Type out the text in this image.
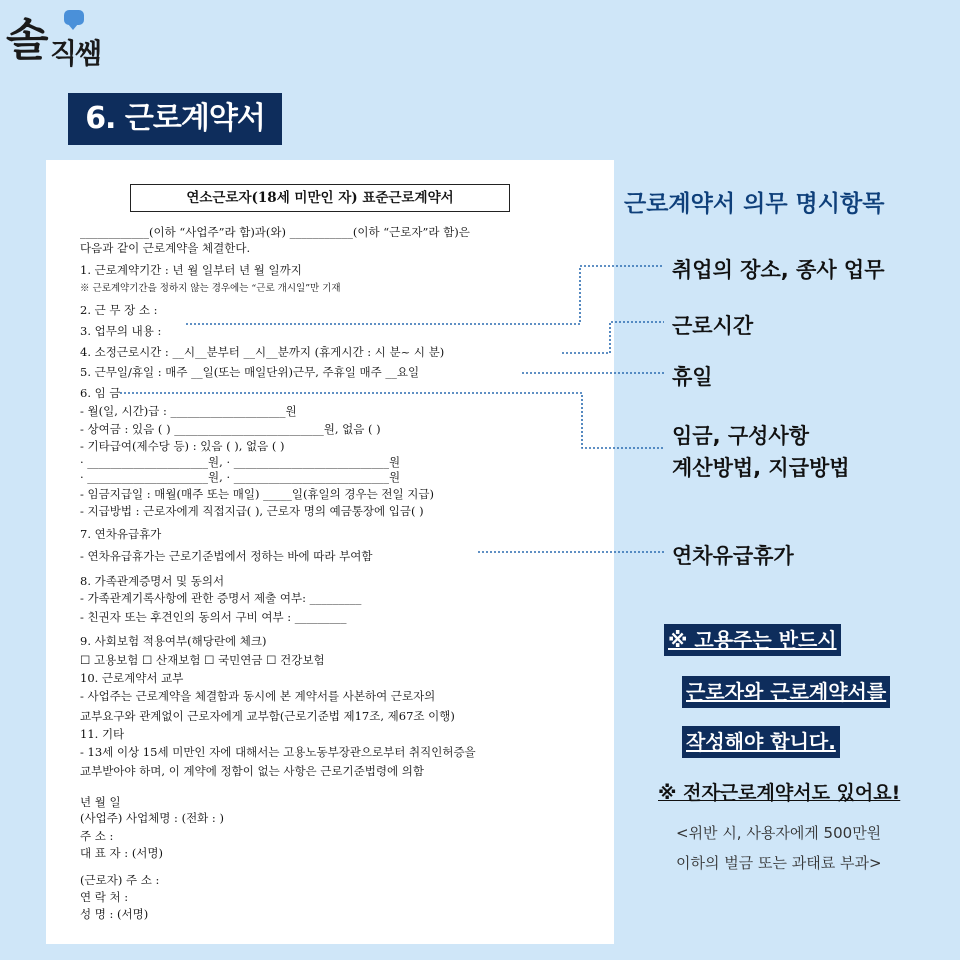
솔 직쌤
6. 근로계약서
연소근로자(18세 미만인 자) 표준근로계약서
____________(이하 “사업주”라 함)과(와) ___________(이하 “근로자”라 함)은
다음과 같이 근로계약을 체결한다.
1. 근로계약기간 : 년 월 일부터 년 월 일까지
※ 근로계약기간을 정하지 않는 경우에는 “근로 개시일”만 기재
2. 근 무 장 소 :
3. 업무의 내용 :
4. 소정근로시간 : __시__분부터 __시__분까지 (휴게시간 : 시 분~ 시 분)
5. 근무일/휴일 : 매주 __일(또는 매일단위)근무, 주휴일 매주 __요일
6. 임 금
- 월(일, 시간)급 : ____________________원
- 상여금 : 있음 ( ) __________________________원, 없음 ( )
- 기타급여(제수당 등) : 있음 ( ), 없음 ( )
· _____________________원, · ___________________________원
· _____________________원, · ___________________________원
- 임금지급일 : 매월(매주 또는 매일) _____일(휴일의 경우는 전일 지급)
- 지급방법 : 근로자에게 직접지급( ), 근로자 명의 예금통장에 입금( )
7. 연차유급휴가
- 연차유급휴가는 근로기준법에서 정하는 바에 따라 부여함
8. 가족관계증명서 및 동의서
- 가족관계기록사항에 관한 증명서 제출 여부: _________
- 친권자 또는 후견인의 동의서 구비 여부 : _________
9. 사회보험 적용여부(해당란에 체크)
☐ 고용보험 ☐ 산재보험 ☐ 국민연금 ☐ 건강보험
10. 근로계약서 교부
- 사업주는 근로계약을 체결함과 동시에 본 계약서를 사본하여 근로자의
교부요구와 관계없이 근로자에게 교부함(근로기준법 제17조, 제67조 이행)
11. 기타
- 13세 이상 15세 미만인 자에 대해서는 고용노동부장관으로부터 취직인허증을
교부받아야 하며, 이 계약에 정함이 없는 사항은 근로기준법령에 의함
년 월 일
(사업주) 사업체명 : (전화 : )
주 소 :
대 표 자 : (서명)
(근로자) 주 소 :
연 락 처 :
성 명 : (서명)
근로계약서 의무 명시항목
취업의 장소, 종사 업무
근로시간
휴일
임금, 구성사항
계산방법, 지급방법
연차유급휴가
※ 고용주는 반드시
근로자와 근로계약서를
작성해야 합니다.
※ 전자근로계약서도 있어요!
<위반 시, 사용자에게 500만원
이하의 벌금 또는 과태료 부과>
